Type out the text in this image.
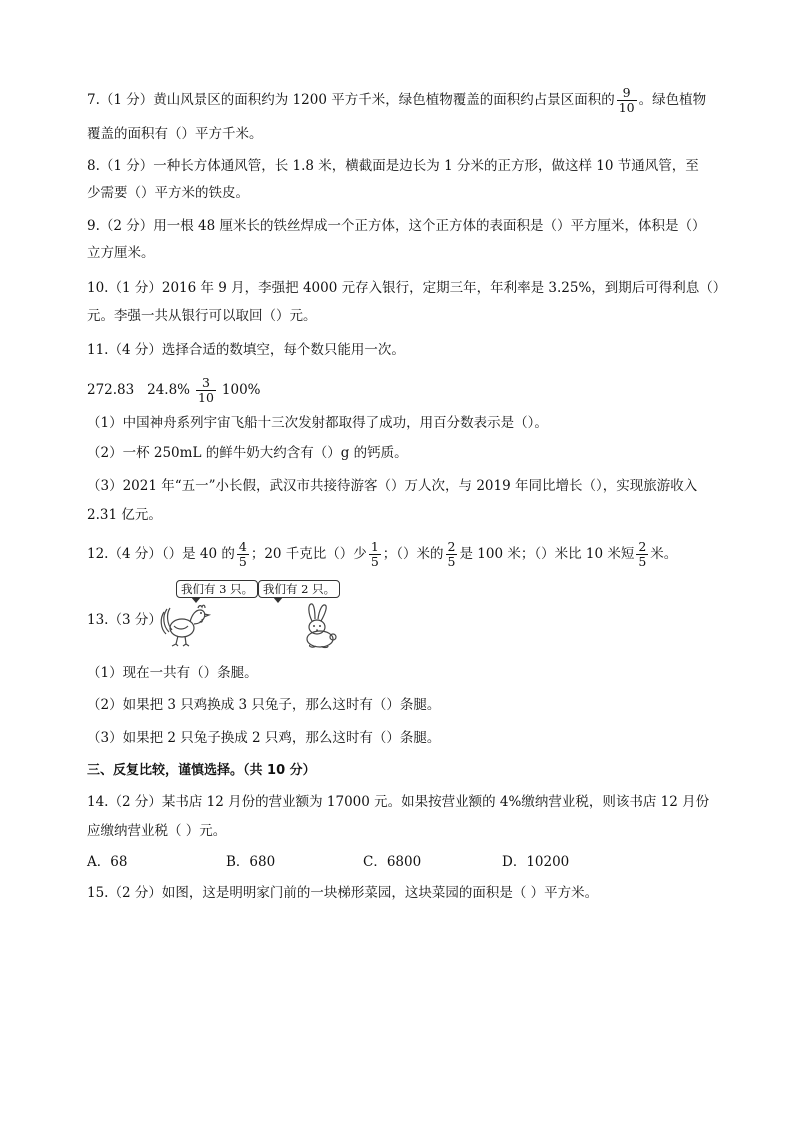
7.（1 分）黄山风景区的面积约为 1200 平方千米，绿色植物覆盖的面积约占景区面积的 $\frac{9}{10}$ 。绿色植物
覆盖的面积有（）平方千米。
8.（1 分）一种长方体通风管，长 1.8 米，横截面是边长为 1 分米的正方形，做这样 10 节通风管，至
少需要（）平方米的铁皮。
9.（2 分）用一根 48 厘米长的铁丝焊成一个正方体，这个正方体的表面积是（）平方厘米，体积是（）
立方厘米。
10.（1 分）2016 年 9 月，李强把 4000 元存入银行，定期三年，年利率是 3.25%，到期后可得利息（）
元。李强一共从银行可以取回（）元。
11.（4 分）选择合适的数填空，每个数只能用一次。
272.83   $24.8\% \frac{3}{10} 100\%$
（1）中国神舟系列宇宙飞船十三次发射都取得了成功，用百分数表示是（）。
（2）一杯 250mL 的鲜牛奶大约含有（）g 的钙质。
（3）2021 年“五一”小长假，武汉市共接待游客（）万人次，与 2019 年同比增长（），实现旅游收入
2.31 亿元。
12.（4 分）（）是 40 的 $\frac{4}{5}$ ；20 千克比（）少 $\frac{1}{5}$ ；（）米的 $\frac{2}{5}$ 是 100 米；（）米比 10 米短 $\frac{2}{5}$ 米。
13.（3 分）
我们有 3 只。 我们有 2 只。
（1）现在一共有（）条腿。
（2）如果把 3 只鸡换成 3 只兔子，那么这时有（）条腿。
（3）如果把 2 只兔子换成 2 只鸡，那么这时有（）条腿。
三、反复比较，谨慎选择。（共 10 分）
14.（2 分）某书店 12 月份的营业额为 17000 元。如果按营业额的 4%缴纳营业税，则该书店 12 月份
应缴纳营业税（ ）元。
A．68	B．680	C．6800	D．10200
15.（2 分）如图，这是明明家门前的一块梯形菜园，这块菜园的面积是（ ）平方米。
